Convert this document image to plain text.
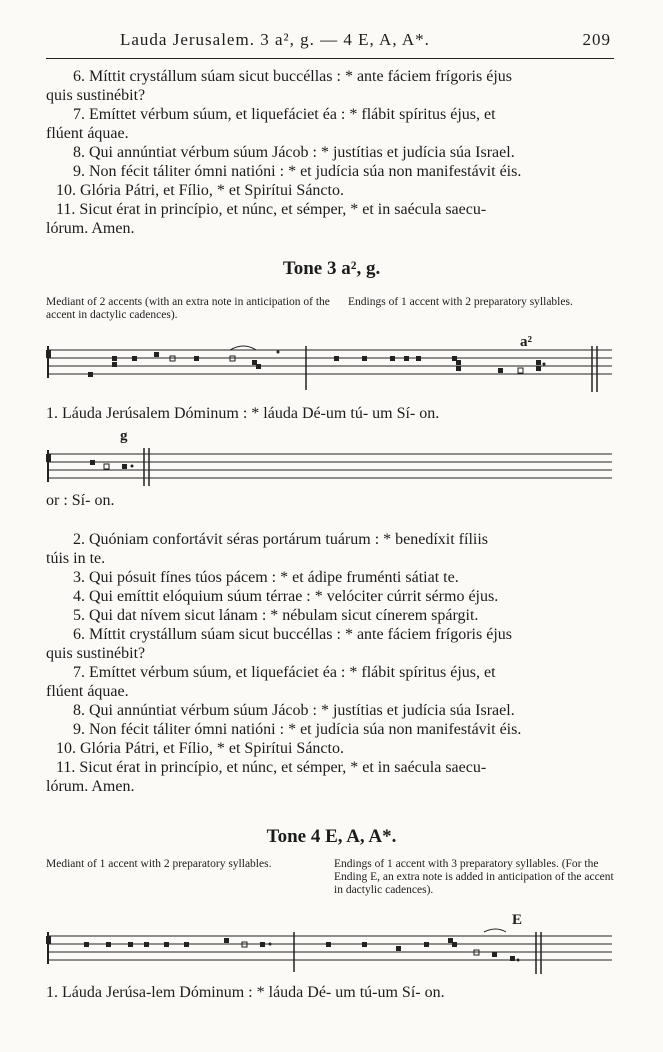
Lauda Jerusalem. 3 a², g. — 4 E, A, A*.	209
6. Míttit crystállum súam sicut buccéllas : * ante fáciem frígoris éjus
quis sustinébit?
7. Emíttet vérbum súum, et liquefáciet éa : * flábit spíritus éjus, et
flúent áquae.
8. Qui annúntiat vérbum súum Jácob : * justítias et judícia súa Israel.
9. Non fécit táliter ómni natióni : * et judícia súa non manifestávit éis.
10. Glória Pátri, et Fílio, * et Spirítui Sáncto.
11. Sicut érat in princípio, et núnc, et sémper, * et in saécula saecu-
lórum. Amen.
Tone 3 a², g.
Mediant of 2 accents (with an extra note in anticipation of the accent in dactylic cadences).
Endings of 1 accent with 2 preparatory syllables.
a²
1. Láuda Jerúsalem Dóminum : * láuda Dé-um tú- um Sí- on.
g
or : Sí- on.
2. Quóniam confortávit séras portárum tuárum : * benedíxit fíliis
túis in te.
3. Qui pósuit fínes túos pácem : * et ádipe fruménti sátiat te.
4. Qui emíttit elóquium súum térrae : * velóciter cúrrit sérmo éjus.
5. Qui dat nívem sicut lánam : * nébulam sicut cínerem spárgit.
6. Míttit crystállum súam sicut buccéllas : * ante fáciem frígoris éjus
quis sustinébit?
7. Emíttet vérbum súum, et liquefáciet éa : * flábit spíritus éjus, et
flúent áquae.
8. Qui annúntiat vérbum súum Jácob : * justítias et judícia súa Israel.
9. Non fécit táliter ómni natióni : * et judícia súa non manifestávit éis.
10. Glória Pátri, et Fílio, * et Spirítui Sáncto.
11. Sicut érat in princípio, et núnc, et sémper, * et in saécula saecu-
lórum. Amen.
Tone 4 E, A, A*.
Mediant of 1 accent with 2 preparatory syllables.	Endings of 1 accent with 3 preparatory syllables. (For the Ending E, an extra note is added in anticipation of the accent in dactylic cadences).
E
1. Láuda Jerúsa-lem Dóminum : * láuda Dé- um tú-um Sí- on.
